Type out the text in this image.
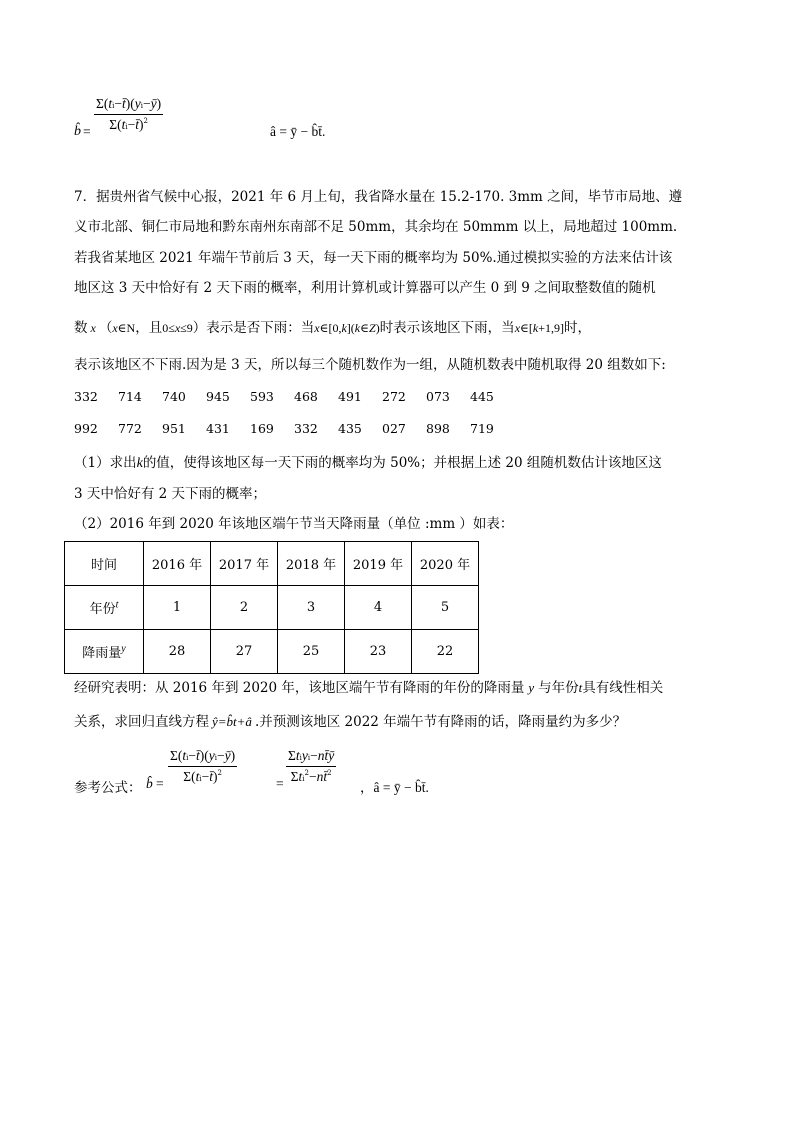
b̂ = $\frac{\Sigma(ti-t̄)(yi-ȳ)}{\Sigma(ti-t̄)^2}$	â = ȳ − b̂t̄.
7．据贵州省气候中心报，2021 年 6 月上旬，我省降水量在 15.2-170. 3mm 之间，毕节市局地、遵
义市北部、铜仁市局地和黔东南州东南部不足 50mm，其余均在 50mmm 以上，局地超过 100mm.
若我省某地区 2021 年端午节前后 3 天，每一天下雨的概率均为 50%.通过模拟实验的方法来估计该
地区这 3 天中恰好有 2 天下雨的概率，利用计算机或计算器可以产生 0 到 9 之间取整数值的随机
数 x （x∈N，且0≤x≤9）表示是否下雨：当x∈[0,k](k∈Z)时表示该地区下雨，当x∈[k+1,9]时，
表示该地区不下雨.因为是 3 天，所以每三个随机数作为一组，从随机数表中随机取得 20 组数如下:
332 714 740 945 593 468 491 272 073 445
992 772 951 431 169 332 435 027 898 719
（1）求出k的值，使得该地区每一天下雨的概率均为 50%；并根据上述 20 组随机数估计该地区这
3 天中恰好有 2 天下雨的概率；
（2）2016 年到 2020 年该地区端午节当天降雨量（单位 :mm ）如表：
时间	2016 年	2017 年	2018 年	2019 年	2020 年
年份$^t$	1	2	3	4	5
降雨量$^y$	28	27	25	23	22
经研究表明：从 2016 年到 2020 年，该地区端午节有降雨的年份的降雨量 y 与年份t具有线性相关
关系，求回归直线方程 ŷ=b̂t+â .并预测该地区 2022 年端午节有降雨的话，降雨量约为多少？
参考公式： b̂ = $\frac{\Sigma(ti-t̄)(yi-ȳ)}{\Sigma(ti-t̄)^2}$	=
Σtiyi−nt̄ȳ
Σti$^2$−nt̄$^2$
，â = ȳ − b̂t̄.
